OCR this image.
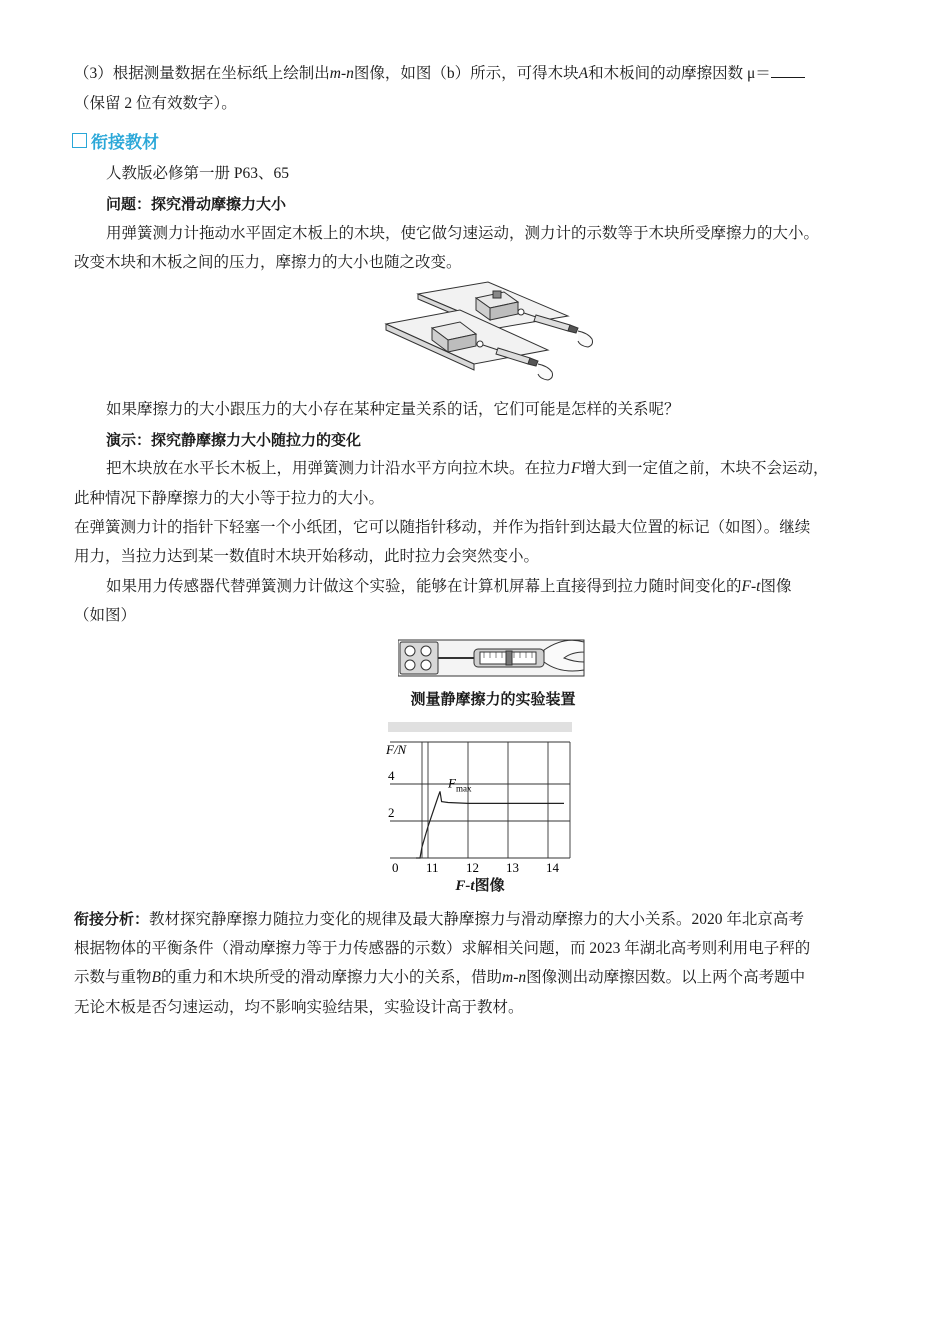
（3）根据测量数据在坐标纸上绘制出m-n图像，如图（b）所示，可得木块A和木板间的动摩擦因数 μ＝
（保留 2 位有效数字）。
衔接教材
人教版必修第一册 P63、65
问题：探究滑动摩擦力大小
用弹簧测力计拖动水平固定木板上的木块，使它做匀速运动，测力计的示数等于木块所受摩擦力的大小。
改变木块和木板之间的压力，摩擦力的大小也随之改变。
如果摩擦力的大小跟压力的大小存在某种定量关系的话，它们可能是怎样的关系呢？
演示：探究静摩擦力大小随拉力的变化
把木块放在水平长木板上，用弹簧测力计沿水平方向拉木块。在拉力F增大到一定值之前，木块不会运动，
此种情况下静摩擦力的大小等于拉力的大小。
在弹簧测力计的指针下轻塞一个小纸团，它可以随指针移动，并作为指针到达最大位置的标记（如图）。继续
用力，当拉力达到某一数值时木块开始移动，此时拉力会突然变小。
如果用力传感器代替弹簧测力计做这个实验，能够在计算机屏幕上直接得到拉力随时间变化的F-t图像
（如图）
测量静摩擦力的实验装置
0 11 12 13 14
2
4
F/N
$F_{max}$
F-t图像
衔接分析：教材探究静摩擦力随拉力变化的规律及最大静摩擦力与滑动摩擦力的大小关系。2020 年北京高考
根据物体的平衡条件（滑动摩擦力等于力传感器的示数）求解相关问题，而 2023 年湖北高考则利用电子秤的
示数与重物B的重力和木块所受的滑动摩擦力大小的关系，借助m-n图像测出动摩擦因数。以上两个高考题中
无论木板是否匀速运动，均不影响实验结果，实验设计高于教材。
